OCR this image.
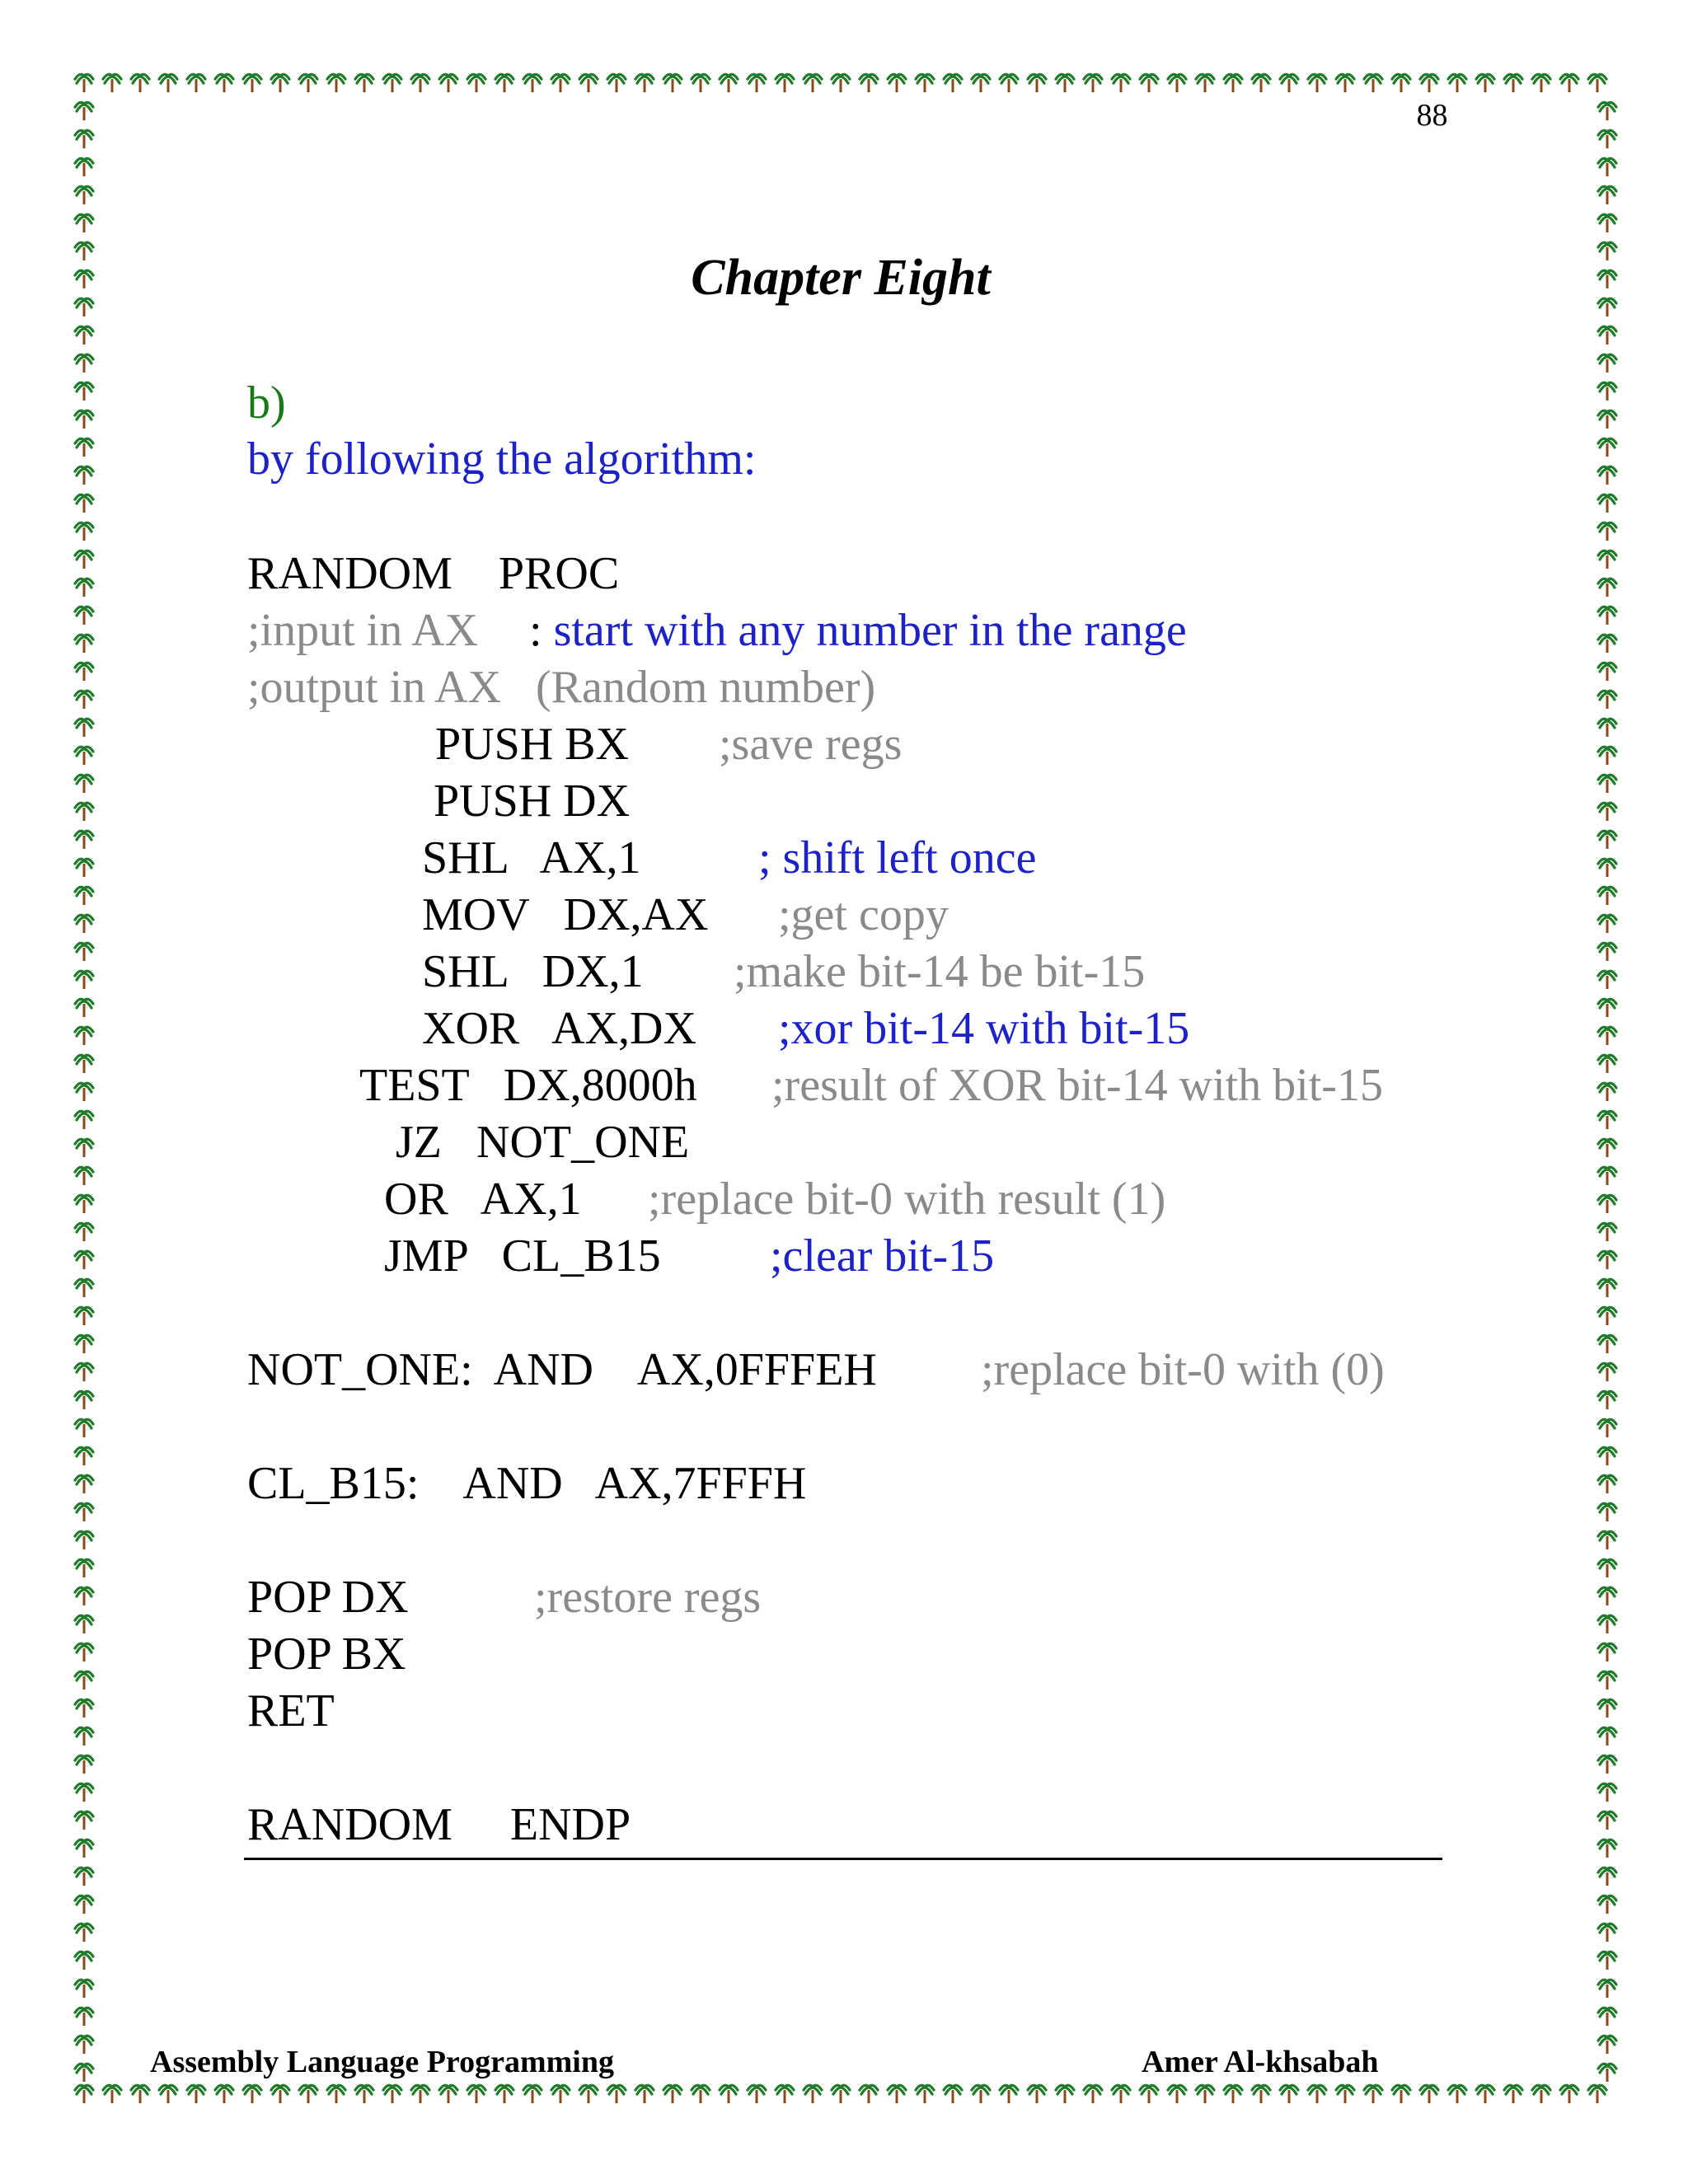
88
Chapter Eight
b)
by following the algorithm:
RANDOM    PROC
;input in AX : start with any number in the range
;output in AX   (Random number)
PUSH BX ;save regs
PUSH DX
SHL   AX,1	; shift left once
MOV   DX,AX ;get copy
SHL   DX,1 ;make bit-14 be bit-15
XOR   AX,DX ;xor bit-14 with bit-15
TEST   DX,8000h ;result of XOR bit-14 with bit-15
JZ   NOT_ONE
OR   AX,1 ;replace bit-0 with result (1)
JMP   CL_B15 ;clear bit-15
NOT_ONE:  AND    AX,0FFFEH ;replace bit-0 with (0)
CL_B15:    AND   AX,7FFFH
POP DX	;restore regs
POP BX
RET
RANDOM     ENDP
Assembly Language Programming	Amer Al-khsabah
